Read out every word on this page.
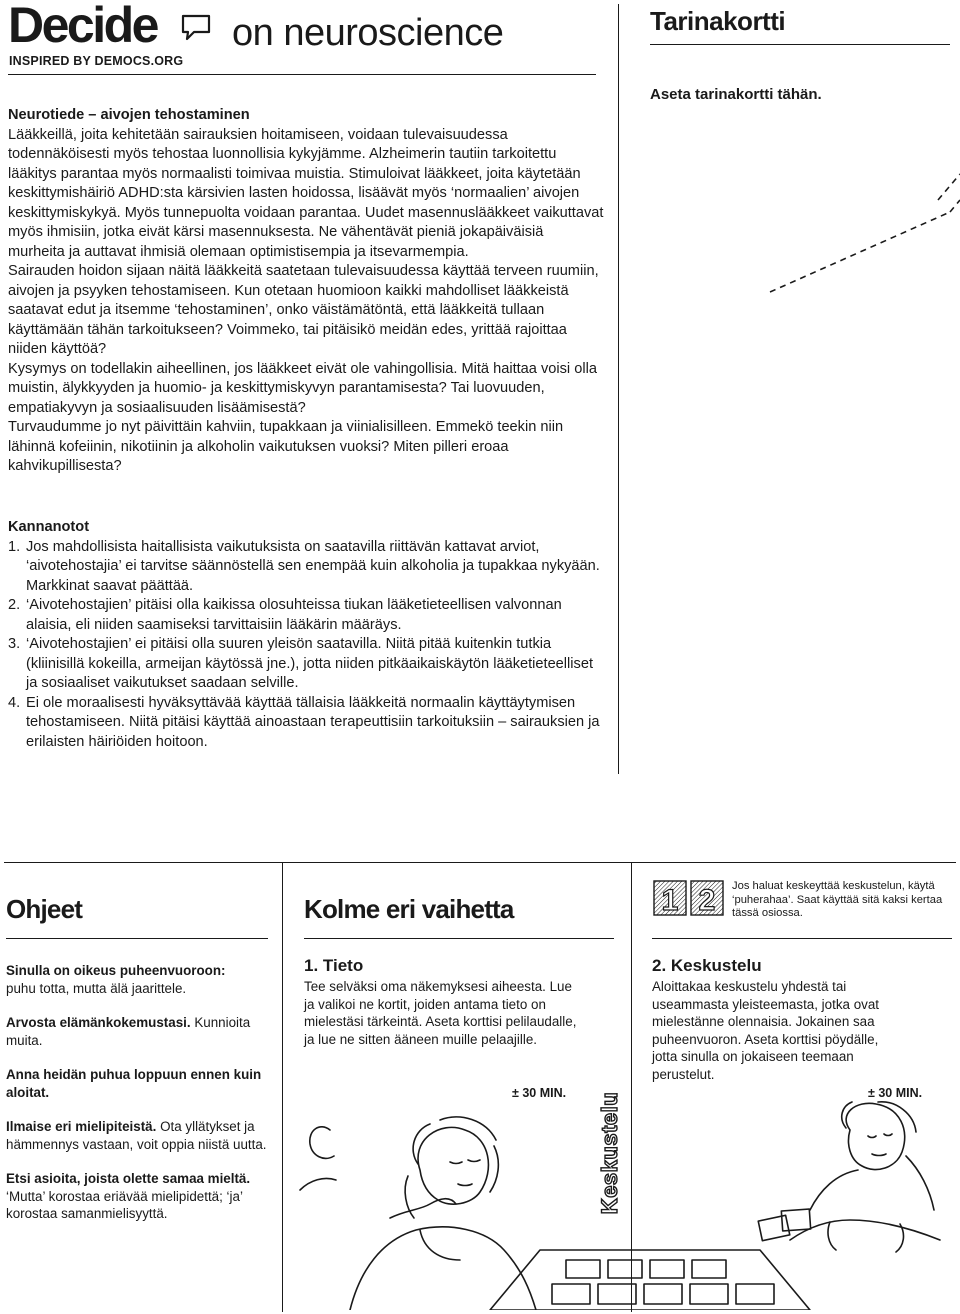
Decide
INSPIRED BY DEMOCS.ORG
on neuroscience

Neurotiede – aivojen tehostaminen

Lääkkeillä, joita kehitetään sairauksien hoitamiseen, voidaan tulevaisuudessa todennäköisesti myös tehostaa luonnollisia kykyjämme. Alzheimerin tautiin tarkoitettu lääkitys parantaa myös normaalisti toimivaa muistia. Stimuloivat lääkkeet, joita käytetään keskittymishäiriö ADHD:sta kärsivien lasten hoidossa, lisäävät myös ‘normaalien’ aivojen keskittymiskykyä. Myös tunnepuolta voidaan parantaa. Uudet masennuslääkkeet vaikuttavat myös ihmisiin, jotka eivät kärsi masennuksesta. Ne vähentävät pieniä jokapäiväisiä murheita ja auttavat ihmisiä olemaan optimistisempia ja itsevarmempia.

Sairauden hoidon sijaan näitä lääkkeitä saatetaan tulevaisuudessa käyttää terveen ruumiin, aivojen ja psyyken tehostamiseen. Kun otetaan huomioon kaikki mahdolliset lääkkeistä saatavat edut ja itsemme ‘tehostaminen’, onko väistämätöntä, että lääkkeitä tullaan käyttämään tähän tarkoitukseen? Voimmeko, tai pitäisikö meidän edes, yrittää rajoittaa niiden käyttöä?

Kysymys on todellakin aiheellinen, jos lääkkeet eivät ole vahingollisia. Mitä haittaa voisi olla muistin, älykkyyden ja huomio- ja keskittymiskyvyn parantamisesta? Tai luovuuden, empatiakyvyn ja sosiaalisuuden lisäämisestä?

Turvaudumme jo nyt päivittäin kahviin, tupakkaan ja viinialisilleen. Emmekö teekin niin lähinnä kofeiinin, nikotiinin ja alkoholin vaikutuksen vuoksi? Miten pilleri eroaa kahvikupillisesta?

Kannanotot

1. Jos mahdollisista haitallisista vaikutuksista on saatavilla riittävän kattavat arviot, ‘aivotehostajia’ ei tarvitse säännöstellä sen enempää kuin alkoholia ja tupakkaa nykyään. Markkinat saavat päättää.
2. ‘Aivotehostajien’ pitäisi olla kaikissa olosuhteissa tiukan lääketieteellisen valvonnan alaisia, eli niiden saamiseksi tarvittaisiin lääkärin määräys.
3. ‘Aivotehostajien’ ei pitäisi olla suuren yleisön saatavilla. Niitä pitää kuitenkin tutkia (kliinisillä kokeilla, armeijan käytössä jne.), jotta niiden pitkäaikaiskäytön lääketieteelliset ja sosiaaliset vaikutukset saadaan selville.
4. Ei ole moraalisesti hyväksyttävää käyttää tällaisia lääkkeitä normaalin käyttäytymisen tehostamiseen. Niitä pitäisi käyttää ainoastaan terapeuttisiin tarkoituksiin – sairauksien ja erilaisten häiriöiden hoitoon.
Tarinakortti
Aseta tarinakortti tähän.
Ohjeet
Sinulla on oikeus puheenvuoroon:
puhu totta, mutta älä jaarittele.
Arvosta elämänkokemustasi. Kunnioita muita.
Anna heidän puhua loppuun ennen kuin aloitat.
Ilmaise eri mielipiteistä. Ota yllätykset ja hämmennys vastaan, voit oppia niistä uutta.
Etsi asioita, joista olette samaa mieltä.
‘Mutta’ korostaa eriävää mielipidettä; ‘ja’ korostaa samanmielisyyttä.
Kolme eri vaihetta
1. Tieto
Tee selväksi oma näkemyksesi aiheesta. Lue ja valikoi ne kortit, joiden antama tieto on mielestäsi tärkeintä. Aseta korttisi pelilaudalle, ja lue ne sitten ääneen muille pelaajille.
± 30 MIN.
2. Keskustelu
Aloittakaa keskustelu yhdestä tai useammasta yleisteemasta, jotka ovat mielestänne olennaisia. Jokainen saa puheenvuoron. Aseta korttisi pöydälle, jotta sinulla on jokaiseen teemaan perustelut.
± 30 MIN.
1 2 Jos haluat keskeyttää keskustelun, käytä ‘puherahaa’. Saat käyttää sitä kaksi kertaa tässä osiossa.
Keskustelu
